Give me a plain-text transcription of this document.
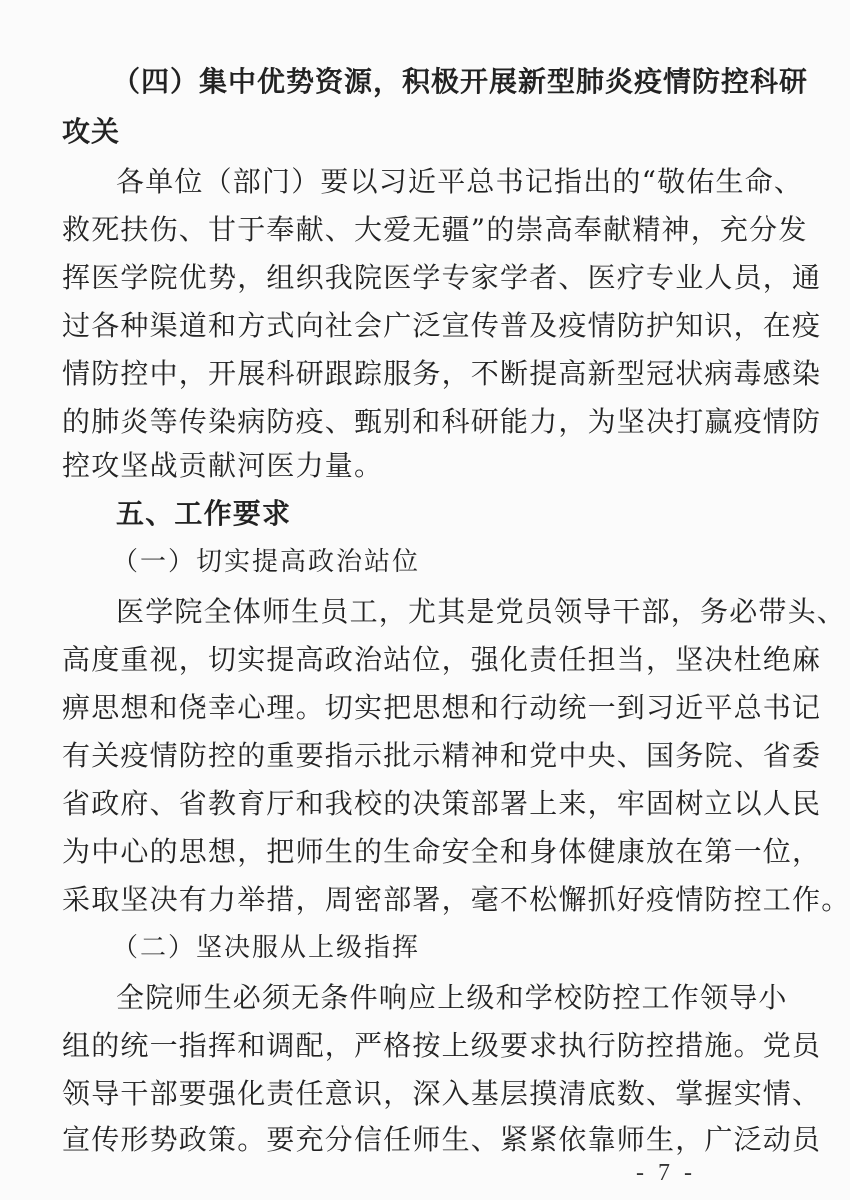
（四）集中优势资源，积极开展新型肺炎疫情防控科研
攻关
各单位（部门）要以习近平总书记指出的“敬佑生命、
救死扶伤、甘于奉献、大爱无疆”的崇高奉献精神，充分发
挥医学院优势，组织我院医学专家学者、医疗专业人员，通
过各种渠道和方式向社会广泛宣传普及疫情防护知识，在疫
情防控中，开展科研跟踪服务，不断提高新型冠状病毒感染
的肺炎等传染病防疫、甄别和科研能力，为坚决打赢疫情防
控攻坚战贡献河医力量。
五、工作要求
（一）切实提高政治站位
医学院全体师生员工，尤其是党员领导干部，务必带头、
高度重视，切实提高政治站位，强化责任担当，坚决杜绝麻
痹思想和侥幸心理。切实把思想和行动统一到习近平总书记
有关疫情防控的重要指示批示精神和党中央、国务院、省委
省政府、省教育厅和我校的决策部署上来，牢固树立以人民
为中心的思想，把师生的生命安全和身体健康放在第一位，
采取坚决有力举措，周密部署，毫不松懈抓好疫情防控工作。
（二）坚决服从上级指挥
全院师生必须无条件响应上级和学校防控工作领导小
组的统一指挥和调配，严格按上级要求执行防控措施。党员
领导干部要强化责任意识，深入基层摸清底数、掌握实情、
宣传形势政策。要充分信任师生、紧紧依靠师生，广泛动员
- 7 -
